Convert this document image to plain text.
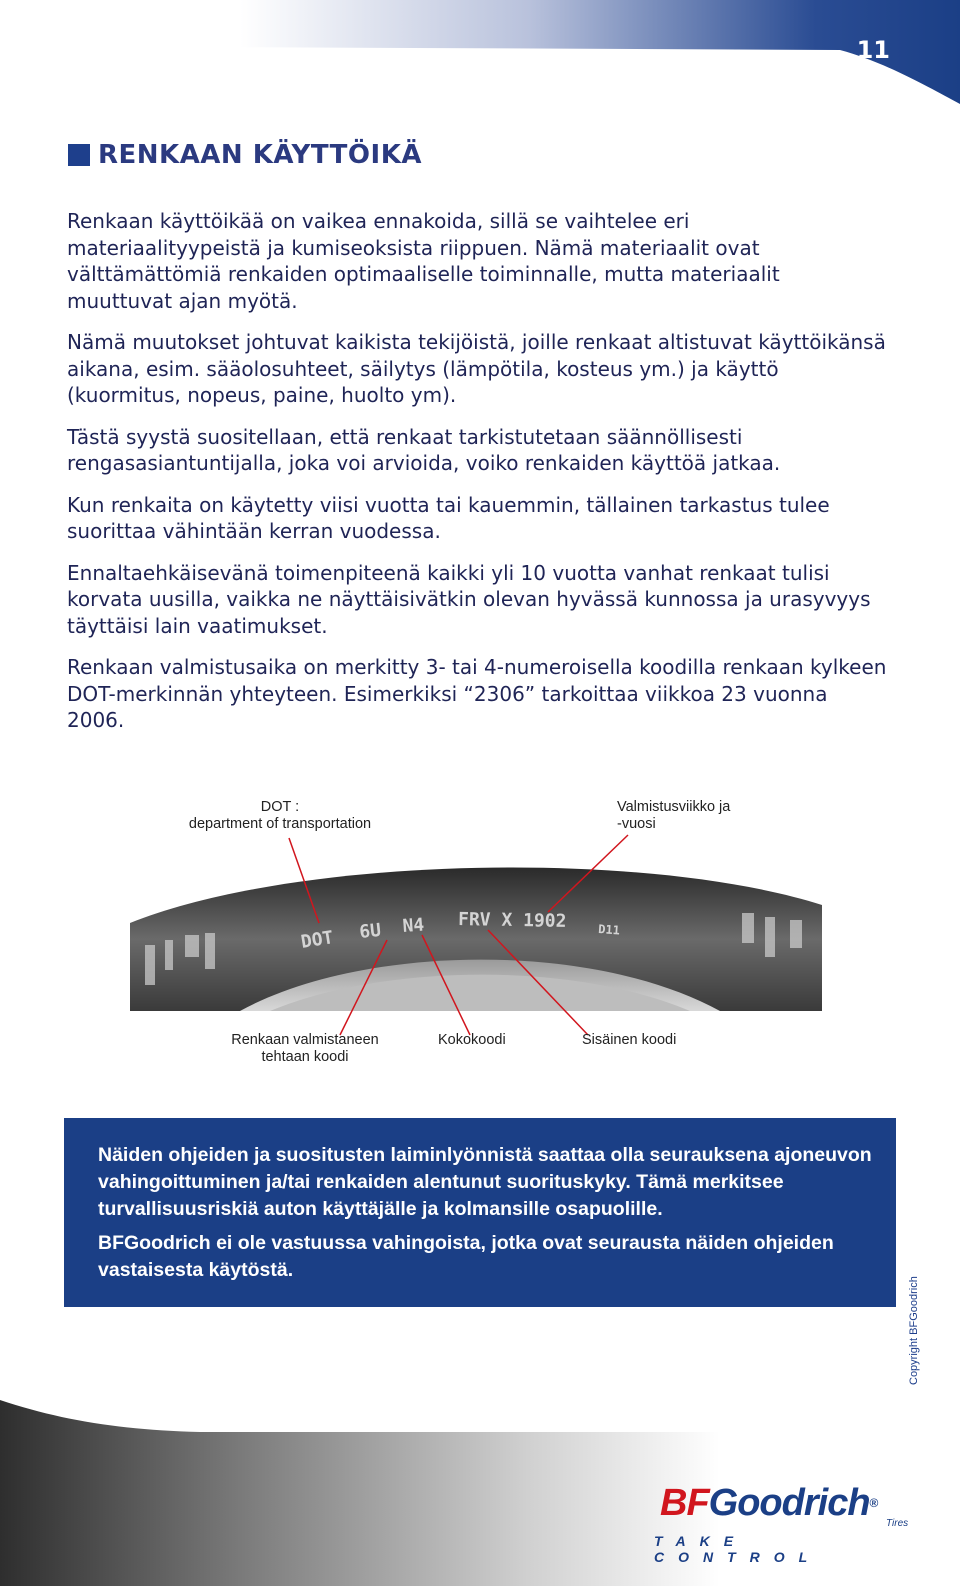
11
RENKAAN KÄYTTÖIKÄ

Renkaan käyttöikää on vaikea ennakoida, sillä se vaihtelee eri materiaalityypeistä ja kumiseoksista riippuen. Nämä materiaalit ovat välttämättömiä renkaiden optimaaliselle toiminnalle, mutta materiaalit muuttuvat ajan myötä.

Nämä muutokset johtuvat kaikista tekijöistä, joille renkaat altistuvat käyttöikänsä aikana, esim. sääolosuhteet, säilytys (lämpötila, kosteus ym.) ja käyttö (kuormitus, nopeus, paine, huolto ym).

Tästä syystä suositellaan, että renkaat tarkistutetaan säännöllisesti rengasasiantuntijalla, joka voi arvioida, voiko renkaiden käyttöä jatkaa.

Kun renkaita on käytetty viisi vuotta tai kauemmin, tällainen tarkastus tulee suorittaa vähintään kerran vuodessa.

Ennaltaehkäisevänä toimenpiteenä kaikki yli 10 vuotta vanhat renkaat tulisi korvata uusilla, vaikka ne näyttäisivätkin olevan hyvässä kunnossa ja urasyvyys täyttäisi lain vaatimukset.

Renkaan valmistusaika on merkitty 3- tai 4-numeroisella koodilla renkaan kylkeen DOT-merkinnän yhteyteen. Esimerkiksi “2306” tarkoittaa viikkoa 23 vuonna 2006.

DOT 6U N4 FRV X 1902	D11
DOT :
department of transportation
Valmistusviikko ja
-vuosi
Renkaan valmistaneen
tehtaan koodi
Kokokoodi	Sisäinen koodi

Näiden ohjeiden ja suositusten laiminlyönnistä saattaa olla seurauksena ajoneuvon vahingoittuminen ja/tai renkaiden alentunut suorituskyky. Tämä merkitsee turvallisuusriskiä auton käyttäjälle ja kolmansille osapuolille.

BFGoodrich ei ole vastuussa vahingoista, jotka ovat seurausta näiden ohjeiden vastaisesta käytöstä.

Copyright BFGoodrich
BFGoodrich®
Tires
TAKE CONTROL
